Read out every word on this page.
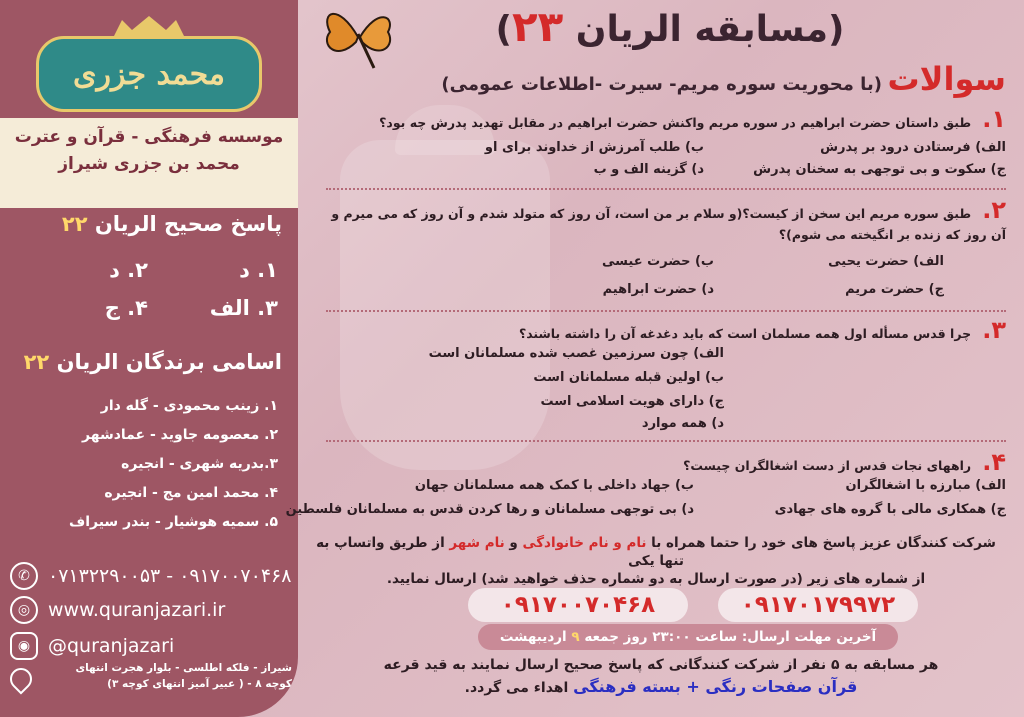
محمد جزری
موسسه فرهنگی - قرآن و عترت
محمد بن جزری شیراز
پاسخ صحیح الریان ۲۲
۱. د
۲. د
۳. الف
۴. ج
اسامی برندگان الریان ۲۲
۱. زینب محمودی - گله دار
۲. معصومه جاوید - عمادشهر
۳.بدریه شهری - انجیره
۴. محمد امین مج - انجیره
۵. سمیه هوشیار - بندر سیراف
✆ ۰۷۱۳۲۲۹۰۰۵۳ - ۰۹۱۷۰۰۷۰۴۶۸
◎ www.quranjazari.ir
◉ @quranjazari
شیراز - فلکه اطلسی - بلوار هجرت انتهای
کوچه ۸ - ( عبیر آمیز انتهای کوچه ۳)
(مسابقه الریان ۲۳)
سوالات (با محوریت سوره مریم- سیرت -اطلاعات عمومی)
۱. طبق داستان حضرت ابراهیم در سوره مریم واکنش حضرت ابراهیم در مقابل تهدید پدرش چه بود؟
الف) فرستادن درود بر پدرش
ب) طلب آمرزش از خداوند برای او
ج) سکوت و بی توجهی به سخنان پدرش
د) گزینه الف و ب
۲. طبق سوره مریم این سخن از کیست؟(و سلام بر من است، آن روز که متولد شدم و آن روز که می میرم و آن روز که زنده بر انگیخته می شوم)؟
الف) حضرت یحیی
ب) حضرت عیسی
ج) حضرت مریم
د) حضرت ابراهیم
۳. چرا قدس مسأله اول همه مسلمان است که باید دغدغه آن را داشته باشند؟
الف) چون سرزمین غصب شده مسلمانان است
ب) اولین قبله مسلمانان است
ج) دارای هویت اسلامی است
د) همه موارد
۴. راههای نجات قدس از دست اشغالگران چیست؟
الف) مبارزه با اشغالگران
ب) جهاد داخلی با کمک همه مسلمانان جهان
ج) همکاری مالی با گروه های جهادی
د) بی توجهی مسلمانان و رها کردن قدس به مسلمانان فلسطین
شرکت کنندگان عزیز پاسخ های خود را حتما همراه با نام و نام خانوادگی و نام شهر از طریق واتساپ به تنها یکی
از شماره های زیر (در صورت ارسال به دو شماره حذف خواهید شد) ارسال نمایید.
۰۹۱۷۰۱۷۹۹۷۲
۰۹۱۷۰۰۷۰۴۶۸
آخرین مهلت ارسال: ساعت ۲۳:۰۰ روز جمعه

۹

اردیبهشت
هر مسابقه به ۵ نفر از شرکت کنندگانی که پاسخ صحیح ارسال نمایند به قید قرعه
قرآن صفحات رنگی + بسته فرهنگی اهداء می گردد.
